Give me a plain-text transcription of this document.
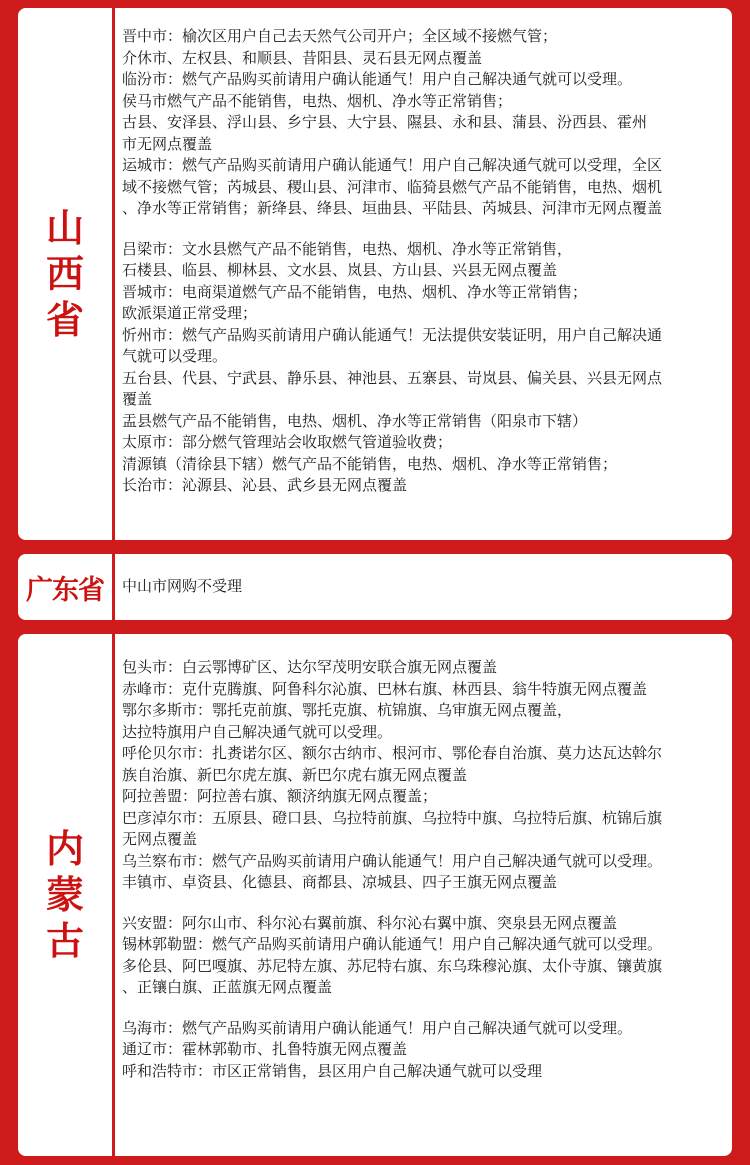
山西省
晋中市：榆次区用户自己去天然气公司开户；全区域不接燃气管；
介休市、左权县、和顺县、昔阳县、灵石县无网点覆盖
临汾市：燃气产品购买前请用户确认能通气！用户自己解决通气就可以受理。
侯马市燃气产品不能销售，电热、烟机、净水等正常销售；
古县、安泽县、浮山县、乡宁县、大宁县、隰县、永和县、蒲县、汾西县、霍州
市无网点覆盖
运城市：燃气产品购买前请用户确认能通气！用户自己解决通气就可以受理，全区
域不接燃气管；芮城县、稷山县、河津市、临猗县燃气产品不能销售，电热、烟机
、净水等正常销售；新绛县、绛县、垣曲县、平陆县、芮城县、河津市无网点覆盖
吕梁市：文水县燃气产品不能销售，电热、烟机、净水等正常销售，
石楼县、临县、柳林县、文水县、岚县、方山县、兴县无网点覆盖
晋城市：电商渠道燃气产品不能销售，电热、烟机、净水等正常销售；
欧派渠道正常受理；
忻州市：燃气产品购买前请用户确认能通气！无法提供安装证明，用户自己解决通
气就可以受理。
五台县、代县、宁武县、静乐县、神池县、五寨县、岢岚县、偏关县、兴县无网点
覆盖
盂县燃气产品不能销售，电热、烟机、净水等正常销售（阳泉市下辖）
太原市：部分燃气管理站会收取燃气管道验收费；
清源镇（清徐县下辖）燃气产品不能销售，电热、烟机、净水等正常销售；
长治市：沁源县、沁县、武乡县无网点覆盖
广东省 中山市网购不受理
内蒙古
包头市：白云鄂博矿区、达尔罕茂明安联合旗无网点覆盖
赤峰市：克什克腾旗、阿鲁科尔沁旗、巴林右旗、林西县、翁牛特旗无网点覆盖
鄂尔多斯市：鄂托克前旗、鄂托克旗、杭锦旗、乌审旗无网点覆盖，
达拉特旗用户自己解决通气就可以受理。
呼伦贝尔市：扎赉诺尔区、额尔古纳市、根河市、鄂伦春自治旗、莫力达瓦达斡尔
族自治旗、新巴尔虎左旗、新巴尔虎右旗无网点覆盖
阿拉善盟：阿拉善右旗、额济纳旗无网点覆盖；
巴彦淖尔市：五原县、磴口县、乌拉特前旗、乌拉特中旗、乌拉特后旗、杭锦后旗
无网点覆盖
乌兰察布市：燃气产品购买前请用户确认能通气！用户自己解决通气就可以受理。
丰镇市、卓资县、化德县、商都县、凉城县、四子王旗无网点覆盖
兴安盟：阿尔山市、科尔沁右翼前旗、科尔沁右翼中旗、突泉县无网点覆盖
锡林郭勒盟：燃气产品购买前请用户确认能通气！用户自己解决通气就可以受理。
多伦县、阿巴嘎旗、苏尼特左旗、苏尼特右旗、东乌珠穆沁旗、太仆寺旗、镶黄旗
、正镶白旗、正蓝旗无网点覆盖
乌海市：燃气产品购买前请用户确认能通气！用户自己解决通气就可以受理。
通辽市：霍林郭勒市、扎鲁特旗无网点覆盖
呼和浩特市：市区正常销售，县区用户自己解决通气就可以受理
